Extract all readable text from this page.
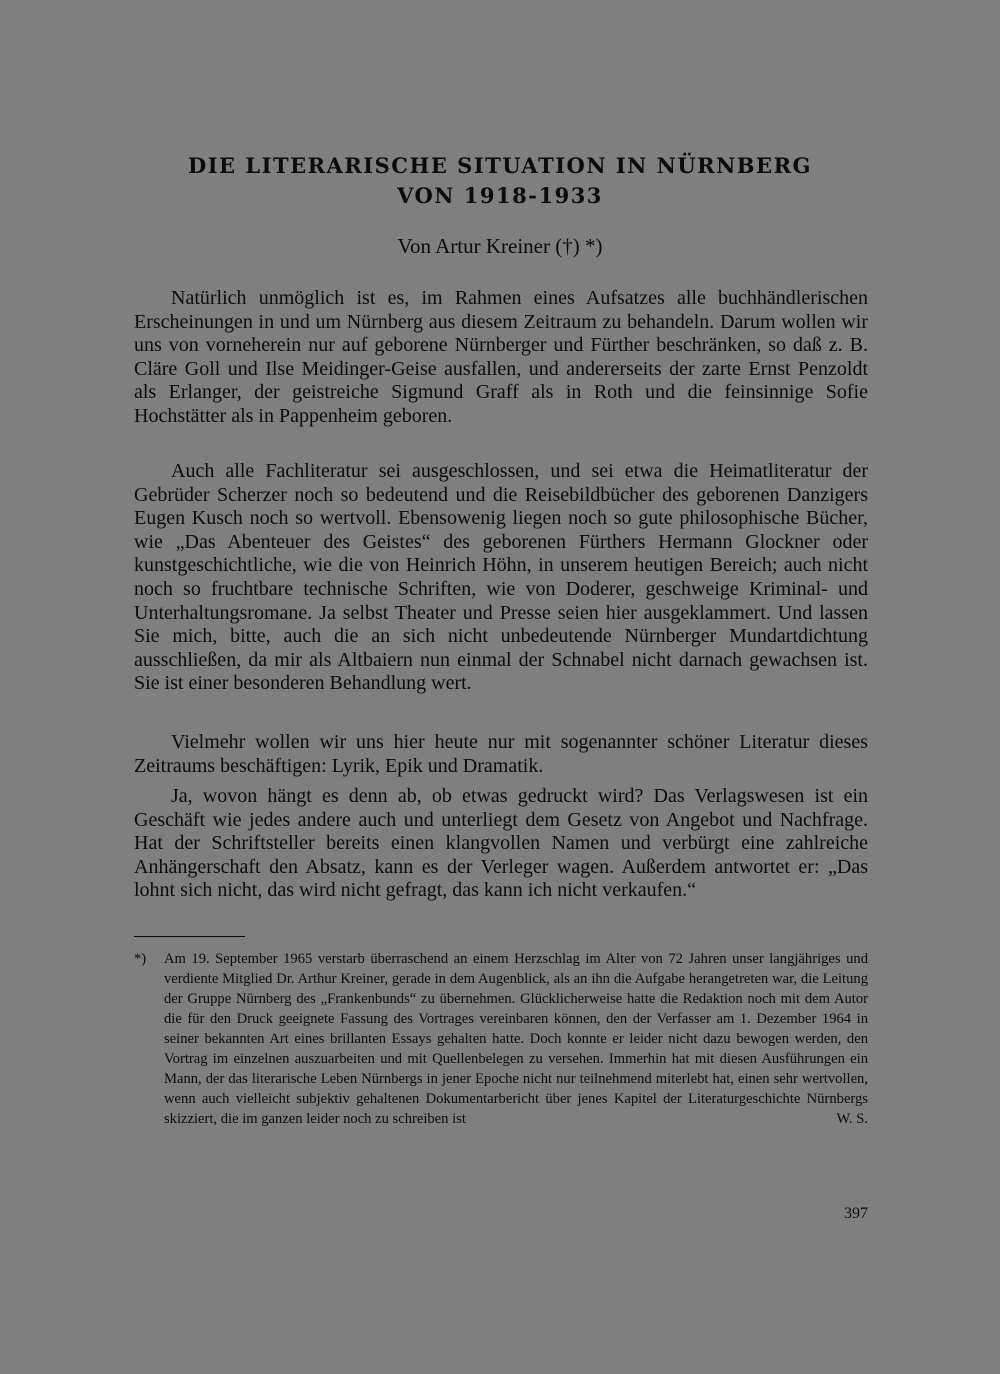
DIE LITERARISCHE SITUATION IN NÜRNBERG
VON 1918-1933

Von Artur Kreiner (†) *)

Natürlich unmöglich ist es, im Rahmen eines Aufsatzes alle buchhändlerischen Erscheinungen in und um Nürnberg aus diesem Zeitraum zu behandeln. Darum wollen wir uns von vorneherein nur auf geborene Nürnberger und Fürther beschränken, so daß z. B. Cläre Goll und Ilse Meidinger-Geise ausfallen, und andererseits der zarte Ernst Penzoldt als Erlanger, der geistreiche Sigmund Graff als in Roth und die feinsinnige Sofie Hochstätter als in Pappenheim geboren.

Auch alle Fachliteratur sei ausgeschlossen, und sei etwa die Heimatliteratur der Gebrüder Scherzer noch so bedeutend und die Reisebildbücher des geborenen Danzigers Eugen Kusch noch so wertvoll. Ebensowenig liegen noch so gute philosophische Bücher, wie „Das Abenteuer des Geistes“ des geborenen Fürthers Hermann Glockner oder kunstgeschichtliche, wie die von Heinrich Höhn, in unserem heutigen Bereich; auch nicht noch so fruchtbare technische Schriften, wie von Doderer, geschweige Kriminal- und Unterhaltungsromane. Ja selbst Theater und Presse seien hier ausgeklammert. Und lassen Sie mich, bitte, auch die an sich nicht unbedeutende Nürnberger Mundartdichtung ausschließen, da mir als Altbaiern nun einmal der Schnabel nicht darnach gewachsen ist. Sie ist einer besonderen Behandlung wert.

Vielmehr wollen wir uns hier heute nur mit sogenannter schöner Literatur dieses Zeitraums beschäftigen: Lyrik, Epik und Dramatik.

Ja, wovon hängt es denn ab, ob etwas gedruckt wird? Das Verlagswesen ist ein Geschäft wie jedes andere auch und unterliegt dem Gesetz von Angebot und Nachfrage. Hat der Schriftsteller bereits einen klangvollen Namen und verbürgt eine zahlreiche Anhängerschaft den Absatz, kann es der Verleger wagen. Außerdem antwortet er: „Das lohnt sich nicht, das wird nicht gefragt, das kann ich nicht verkaufen.“

*) Am 19. September 1965 verstarb überraschend an einem Herzschlag im Alter von 72 Jahren unser langjähriges und verdiente Mitglied Dr. Arthur Kreiner, gerade in dem Augenblick, als an ihn die Aufgabe herangetreten war, die Leitung der Gruppe Nürnberg des „Frankenbunds“ zu übernehmen. Glücklicherweise hatte die Redaktion noch mit dem Autor die für den Druck geeignete Fassung des Vortrages vereinbaren können, den der Verfasser am 1. Dezember 1964 in seiner bekannten Art eines brillanten Essays gehalten hatte. Doch konnte er leider nicht dazu bewogen werden, den Vortrag im einzelnen auszuarbeiten und mit Quellenbelegen zu versehen. Immerhin hat mit diesen Ausführungen ein Mann, der das literarische Leben Nürnbergs in jener Epoche nicht nur teilnehmend miterlebt hat, einen sehr wertvollen, wenn auch vielleicht subjektiv gehaltenen Dokumentarbericht über jenes Kapitel der Literaturgeschichte Nürnbergs skizziert, die im ganzen leider noch zu schreiben ist	W. S.

397
